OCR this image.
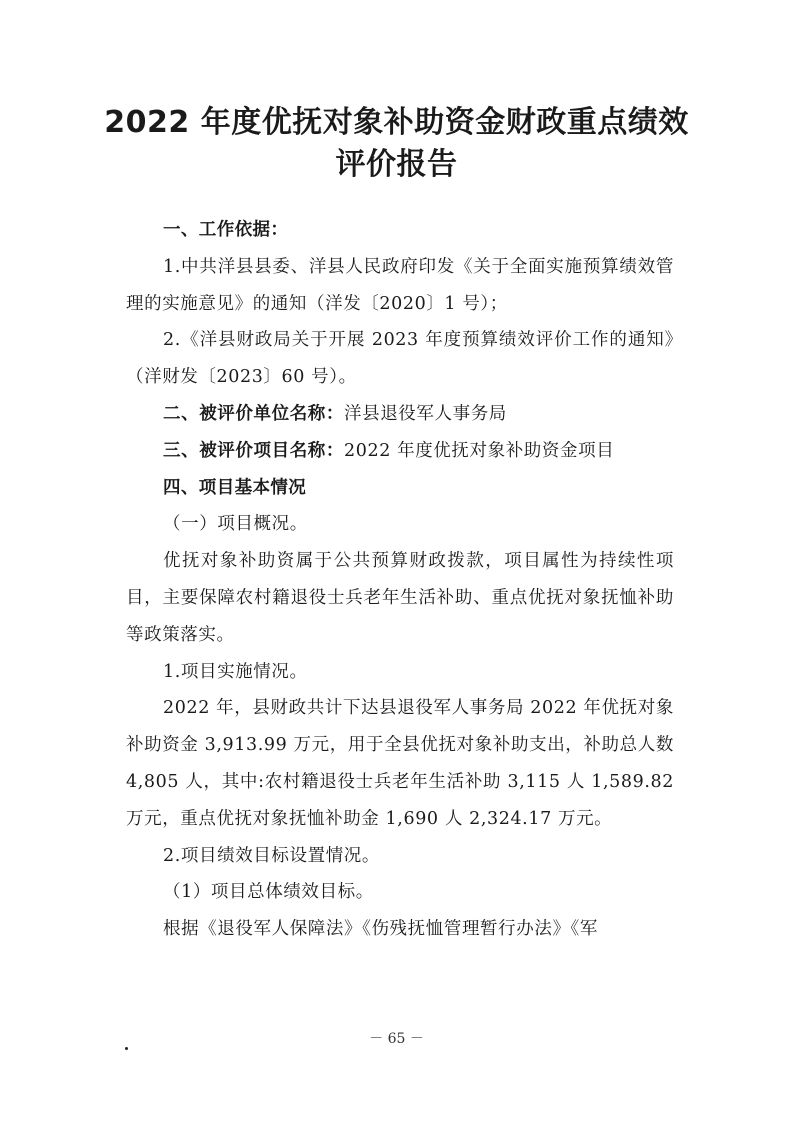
2022 年度优抚对象补助资金财政重点绩效
评价报告

一、工作依据：

1.中共洋县县委、洋县人民政府印发《关于全面实施预算绩效管理的实施意见》的通知（洋发〔2020〕1 号）；

2.《洋县财政局关于开展 2023 年度预算绩效评价工作的通知》（洋财发〔2023〕60 号）。

二、被评价单位名称：洋县退役军人事务局

三、被评价项目名称：2022 年度优抚对象补助资金项目

四、项目基本情况

（一）项目概况。

优抚对象补助资属于公共预算财政拨款，项目属性为持续性项目，主要保障农村籍退役士兵老年生活补助、重点优抚对象抚恤补助等政策落实。

1.项目实施情况。

2022 年，县财政共计下达县退役军人事务局 2022 年优抚对象补助资金 3,913.99 万元，用于全县优抚对象补助支出，补助总人数 4,805 人，其中:农村籍退役士兵老年生活补助 3,115 人 1,589.82 万元，重点优抚对象抚恤补助金 1,690 人 2,324.17 万元。

2.项目绩效目标设置情况。

（1）项目总体绩效目标。

根据《退役军人保障法》《伤残抚恤管理暂行办法》《军

－ 65 －
